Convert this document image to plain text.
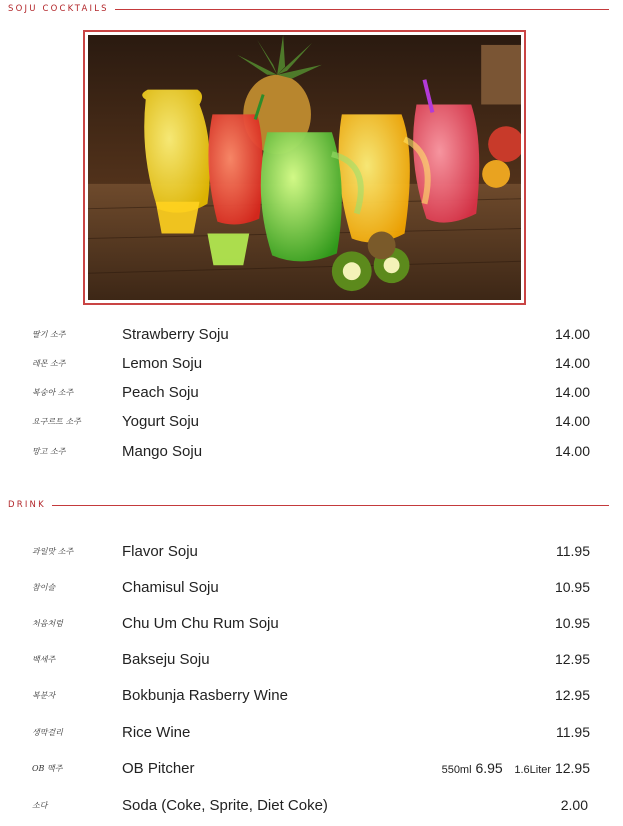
SOJU COCKTAILS
딸기 소주	Strawberry Soju	14.00
레몬 소주	Lemon Soju	14.00
복숭아 소주	Peach Soju	14.00
요구르트 소주	Yogurt Soju	14.00
망고 소주	Mango Soju	14.00
DRINK
과일맛 소주	Flavor Soju	11.95
참이슬	Chamisul Soju	10.95
처음처럼	Chu Um Chu Rum Soju	10.95
백세주	Bakseju Soju	12.95
복분자	Bokbunja Rasberry Wine	12.95
생막걸리	Rice Wine	11.95
OB 맥주	OB Pitcher	550ml 6.95 1.6Liter 12.95
소다	Soda (Coke, Sprite, Diet Coke)	2.00
